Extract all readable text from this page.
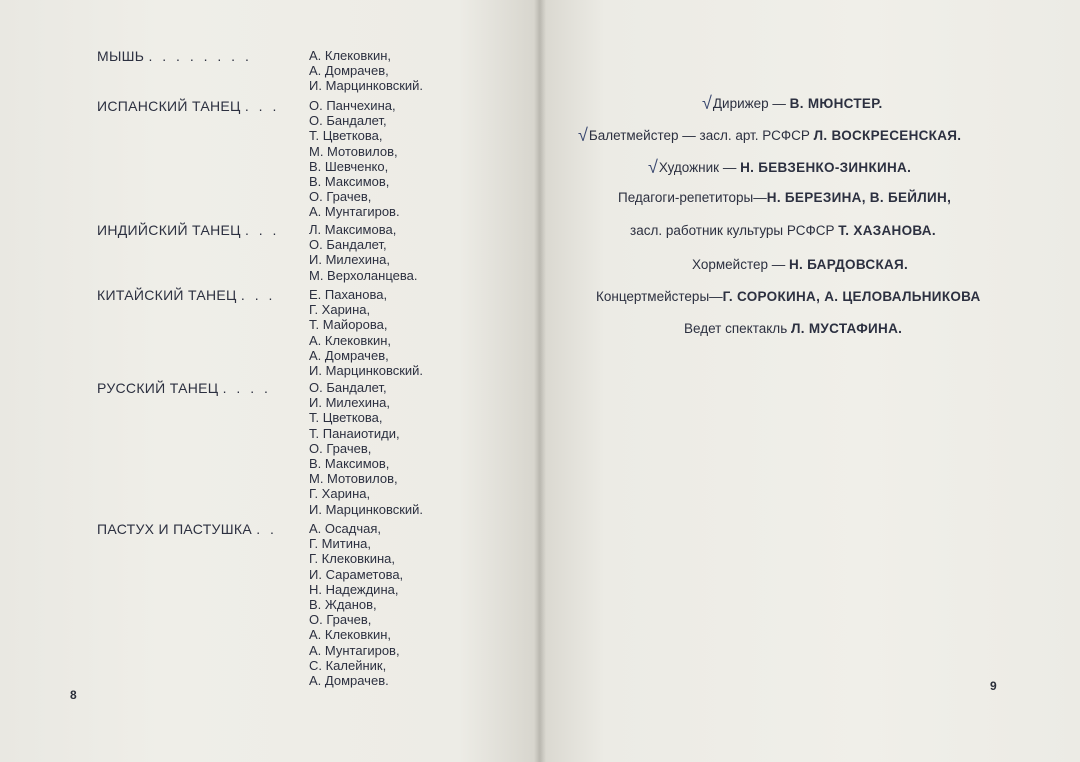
МЫШЬ . . . . . . . .	А. Клековкин,
А. Домрачев,
И. Марцинковский.
ИСПАНСКИЙ ТАНЕЦ . . . О. Панчехина,
О. Бандалет,
Т. Цветкова,
М. Мотовилов,
В. Шевченко,
В. Максимов,
О. Грачев,
А. Мунтагиров.
ИНДИЙСКИЙ ТАНЕЦ . . . Л. Максимова,
О. Бандалет,
И. Милехина,
М. Верхоланцева.
КИТАЙСКИЙ ТАНЕЦ . . .	Е. Паханова,
Г. Харина,
Т. Майорова,
А. Клековкин,
А. Домрачев,
И. Марцинковский.
РУССКИЙ ТАНЕЦ . . . .	О. Бандалет,
И. Милехина,
Т. Цветкова,
Т. Панаиотиди,
О. Грачев,
В. Максимов,
М. Мотовилов,
Г. Харина,
И. Марцинковский.
ПАСТУХ И ПАСТУШКА . . А. Осадчая,
Г. Митина,
Г. Клековкина,
И. Сараметова,
Н. Надеждина,
В. Жданов,
О. Грачев,
А. Клековкин,
А. Мунтагиров,
С. Калейник,
А. Домрачев.
8
√Дирижер — В. МЮНСТЕР.
√Балетмейстер — засл. арт. РСФСР Л. ВОСКРЕСЕНСКАЯ.
√Художник — Н. БЕВЗЕНКО-ЗИНКИНА.
Педагоги-репетиторы—Н. БЕРЕЗИНА, В. БЕЙЛИН,
засл. работник культуры РСФСР Т. ХАЗАНОВА.
Хормейстер — Н. БАРДОВСКАЯ.
Концертмейстеры—Г. СОРОКИНА, А. ЦЕЛОВАЛЬНИКОВА
Ведет спектакль Л. МУСТАФИНА.
9
